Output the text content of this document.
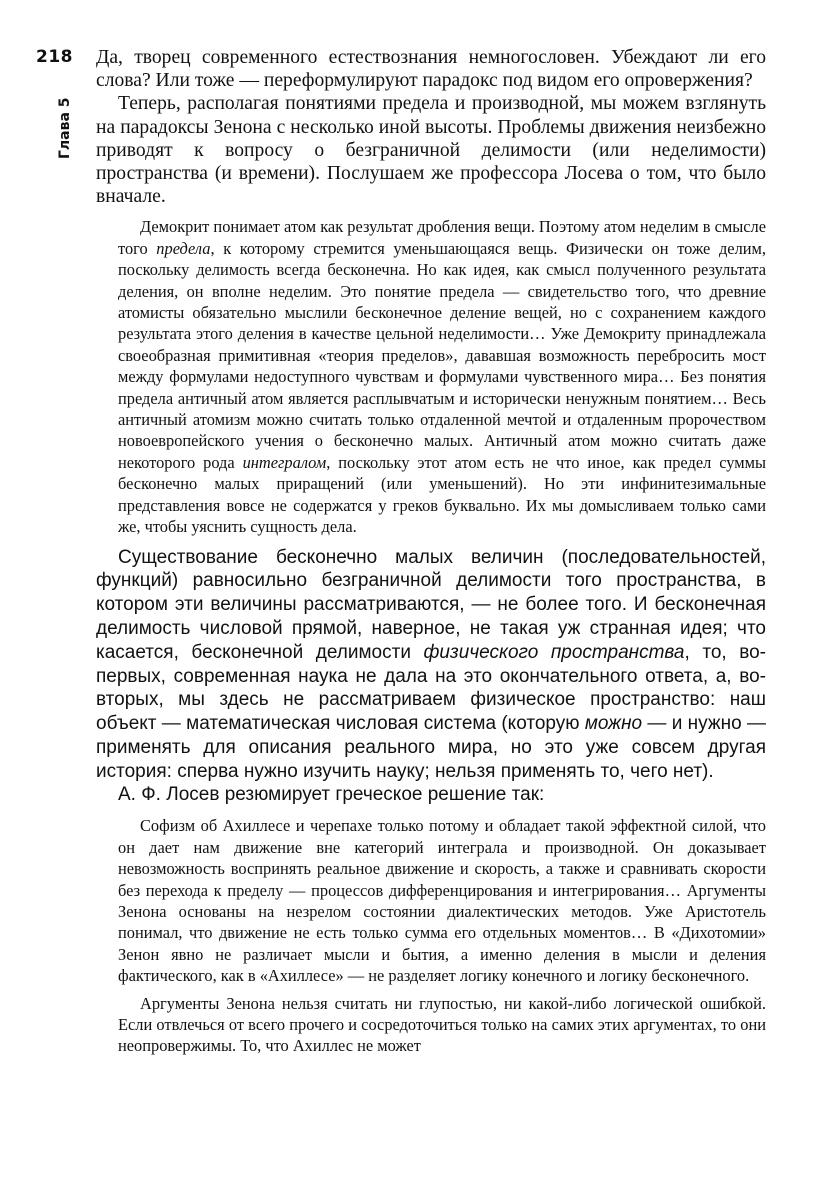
218
Глава 5

Да, творец современного естествознания немногословен. Убеждают ли его слова? Или тоже — переформулируют парадокс под видом его опровержения?

Теперь, располагая понятиями предела и производной, мы можем взглянуть на парадоксы Зенона с несколько иной высоты. Проблемы движения неизбежно приводят к вопросу о безграничной делимости (или неделимости) пространства (и времени). Послушаем же профессора Лосева о том, что было вначале.

Демокрит понимает атом как результат дробления вещи. Поэтому атом неделим в смысле того предела, к которому стремится уменьшающаяся вещь. Физически он тоже делим, поскольку делимость всегда бесконечна. Но как идея, как смысл полученного результата деления, он вполне неделим. Это понятие предела — свидетельство того, что древние атомисты обязательно мыслили бесконечное деление вещей, но с сохранением каждого результата этого деления в качестве цельной неделимости… Уже Демокриту принадлежала своеобразная примитивная «теория пределов», дававшая возможность перебросить мост между формулами недоступного чувствам и формулами чувственного мира… Без понятия предела античный атом является расплывчатым и исторически ненужным понятием… Весь античный атомизм можно считать только отдаленной мечтой и отдаленным пророчеством новоевропейского учения о бесконечно малых. Античный атом можно считать даже некоторого рода интегралом, поскольку этот атом есть не что иное, как предел суммы бесконечно малых приращений (или уменьшений). Но эти инфинитезимальные представления вовсе не содержатся у греков буквально. Их мы домысливаем только сами же, чтобы уяснить сущность дела.

Существование бесконечно малых величин (последовательностей, функций) равносильно безграничной делимости того пространства, в котором эти величины рассматриваются, — не более того. И бесконечная делимость числовой прямой, наверное, не такая уж странная идея; что касается, бесконечной делимости физического пространства, то, во-первых, современная наука не дала на это окончательного ответа, а, во-вторых, мы здесь не рассматриваем физическое пространство: наш объект — математическая числовая система (которую можно — и нужно — применять для описания реального мира, но это уже совсем другая история: сперва нужно изучить науку; нельзя применять то, чего нет).

А. Ф. Лосев резюмирует греческое решение так:

Софизм об Ахиллесе и черепахе только потому и обладает такой эффектной силой, что он дает нам движение вне категорий интеграла и производной. Он доказывает невозможность воспринять реальное движение и скорость, а также и сравнивать скорости без перехода к пределу — процессов дифференцирования и интегрирования… Аргументы Зенона основаны на незрелом состоянии диалектических методов. Уже Аристотель понимал, что движение не есть только сумма его отдельных моментов… В «Дихотомии» Зенон явно не различает мысли и бытия, а именно деления в мысли и деления фактического, как в «Ахиллесе» — не разделяет логику конечного и логику бесконечного.

Аргументы Зенона нельзя считать ни глупостью, ни какой-либо логической ошибкой. Если отвлечься от всего прочего и сосредоточиться только на самих этих аргументах, то они неопровержимы. То, что Ахиллес не может
